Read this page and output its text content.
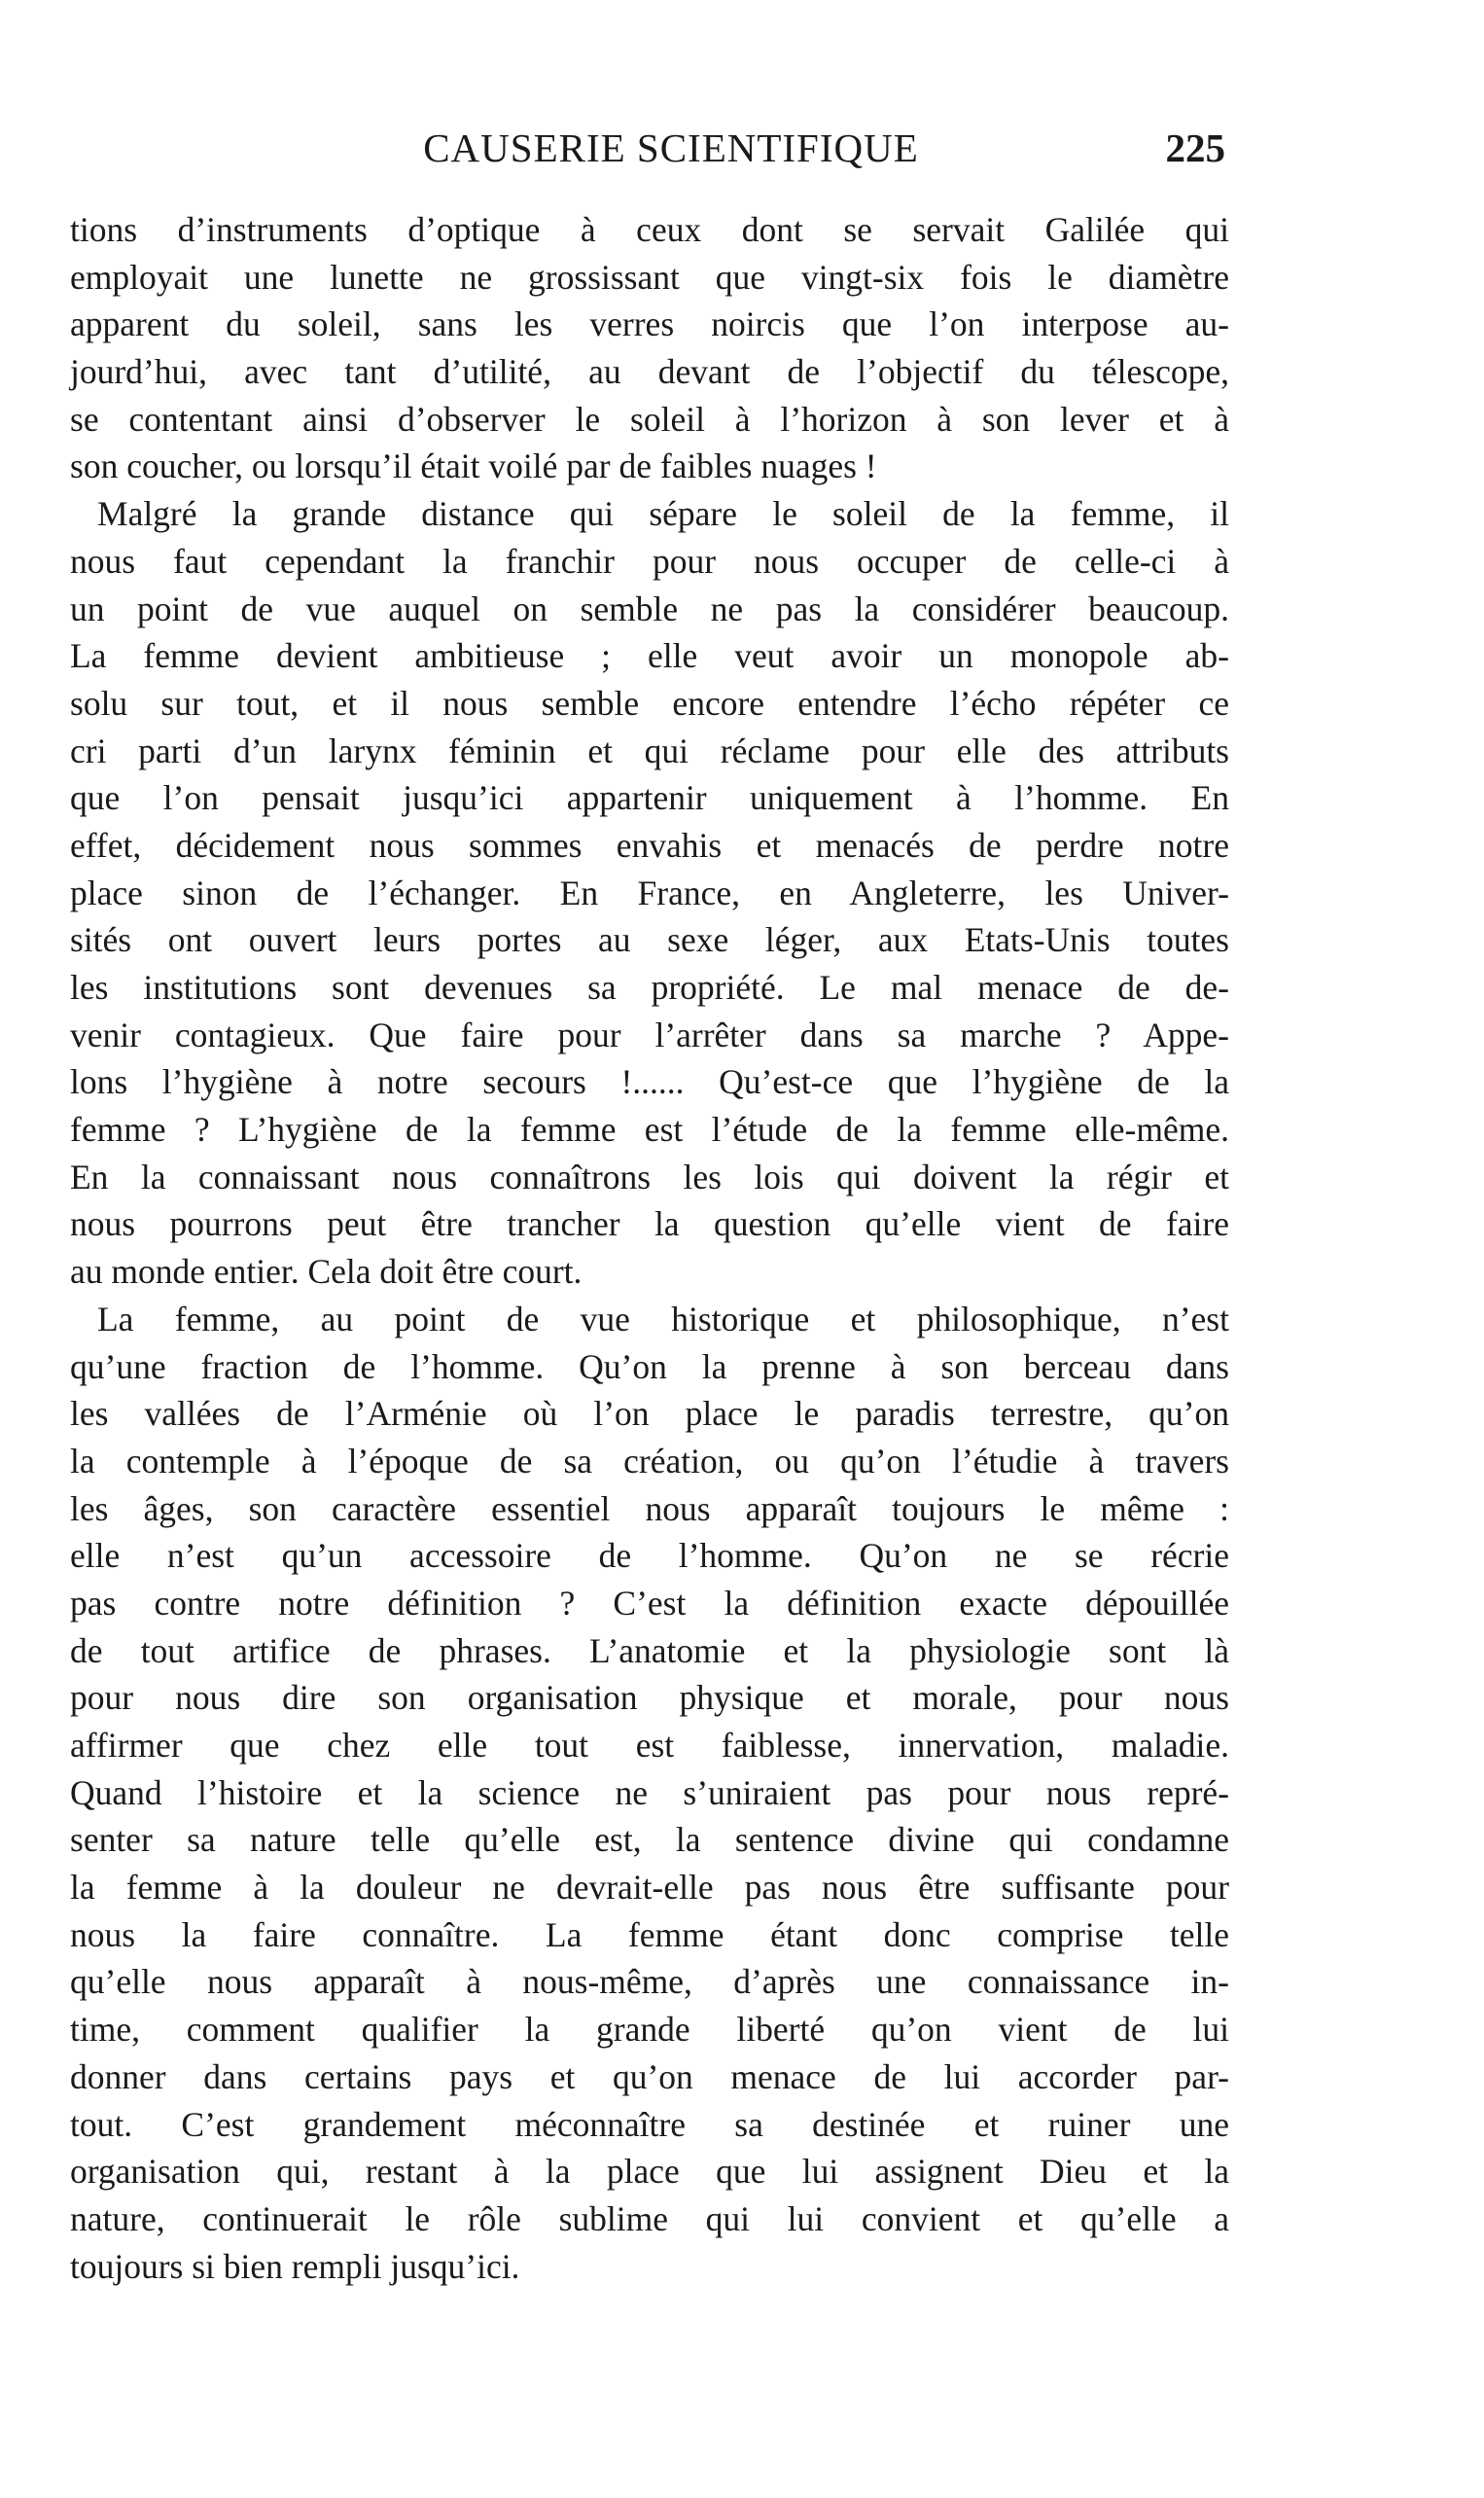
CAUSERIE SCIENTIFIQUE	225
tions d’instruments d’optique à ceux dont se servait Galilée qui
employait une lunette ne grossissant que vingt-six fois le diamètre
apparent du soleil, sans les verres noircis que l’on interpose au-
jourd’hui, avec tant d’utilité, au devant de l’objectif du télescope,
se contentant ainsi d’observer le soleil à l’horizon à son lever et à
son coucher, ou lorsqu’il était voilé par de faibles nuages !
Malgré la grande distance qui sépare le soleil de la femme, il
nous faut cependant la franchir pour nous occuper de celle-ci à
un point de vue auquel on semble ne pas la considérer beaucoup.
La femme devient ambitieuse ; elle veut avoir un monopole ab-
solu sur tout, et il nous semble encore entendre l’écho répéter ce
cri parti d’un larynx féminin et qui réclame pour elle des attributs
que l’on pensait jusqu’ici appartenir uniquement à l’homme. En
effet, décidement nous sommes envahis et menacés de perdre notre
place sinon de l’échanger. En France, en Angleterre, les Univer-
sités ont ouvert leurs portes au sexe léger, aux Etats-Unis toutes
les institutions sont devenues sa propriété. Le mal menace de de-
venir contagieux. Que faire pour l’arrêter dans sa marche ? Appe-
lons l’hygiène à notre secours !...... Qu’est-ce que l’hygiène de la
femme ? L’hygiène de la femme est l’étude de la femme elle-même.
En la connaissant nous connaîtrons les lois qui doivent la régir et
nous pourrons peut être trancher la question qu’elle vient de faire
au monde entier. Cela doit être court.
La femme, au point de vue historique et philosophique, n’est
qu’une fraction de l’homme. Qu’on la prenne à son berceau dans
les vallées de l’Arménie où l’on place le paradis terrestre, qu’on
la contemple à l’époque de sa création, ou qu’on l’étudie à travers
les âges, son caractère essentiel nous apparaît toujours le même :
elle n’est qu’un accessoire de l’homme. Qu’on ne se récrie
pas contre notre définition ? C’est la définition exacte dépouillée
de tout artifice de phrases. L’anatomie et la physiologie sont là
pour nous dire son organisation physique et morale, pour nous
affirmer que chez elle tout est faiblesse, innervation, maladie.
Quand l’histoire et la science ne s’uniraient pas pour nous repré-
senter sa nature telle qu’elle est, la sentence divine qui condamne
la femme à la douleur ne devrait-elle pas nous être suffisante pour
nous la faire connaître. La femme étant donc comprise telle
qu’elle nous apparaît à nous-même, d’après une connaissance in-
time, comment qualifier la grande liberté qu’on vient de lui
donner dans certains pays et qu’on menace de lui accorder par-
tout. C’est grandement méconnaître sa destinée et ruiner une
organisation qui, restant à la place que lui assignent Dieu et la
nature, continuerait le rôle sublime qui lui convient et qu’elle a
toujours si bien rempli jusqu’ici.
